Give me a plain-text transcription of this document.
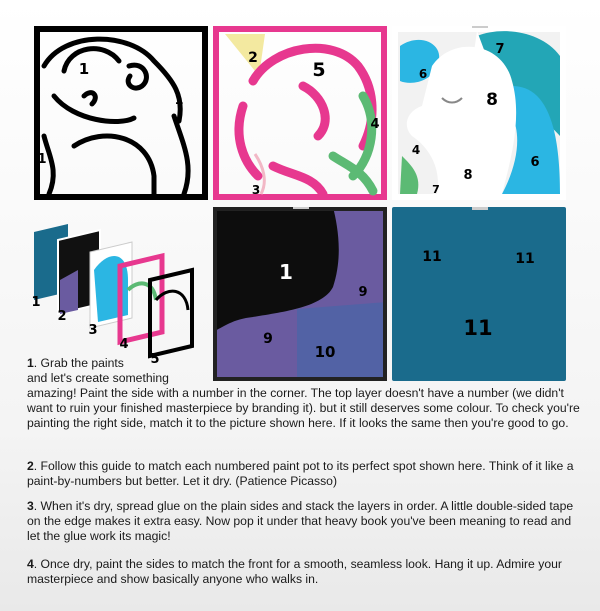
1
1
1
2
5
4
3
6
7
8
4
8
6
7
1
2
3
4
5
1
9
9
10
11	11
11

1. Grab the paints
and let's create something

amazing! Paint the side with a number in the corner. The top layer doesn't have a number (we didn't want to ruin your finished masterpiece by branding it). but it still deserves some colour. To check you're painting the right side, match it to the picture shown here. If it looks the same then you're good to go.

2. Follow this guide to match each numbered paint pot to its perfect spot shown here. Think of it like a paint-by-numbers but better. Let it dry. (Patience Picasso)

3. When it's dry, spread glue on the plain sides and stack the layers in order. A little double-sided tape on the edge makes it extra easy. Now pop it under that heavy book you've been meaning to read and let the glue work its magic!

4. Once dry, paint the sides to match the front for a smooth, seamless look. Hang it up. Admire your masterpiece and show basically anyone who walks in.
